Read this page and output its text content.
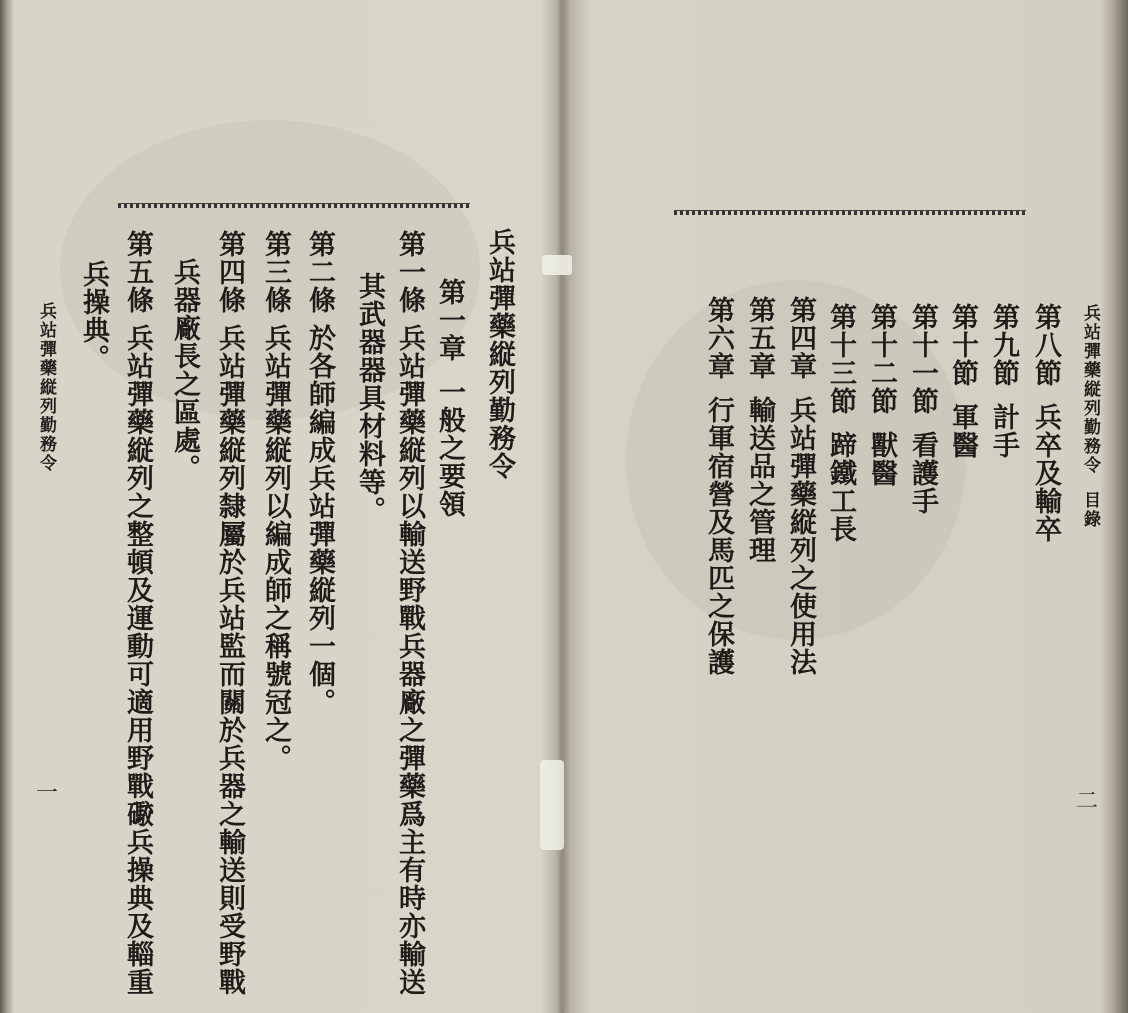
兵站彈藥縦列勤務令
第一章一般之要領
第一條兵站彈藥縦列以輸送野戰兵器廠之彈藥爲主有時亦輸送
其武器器具材料等。
第二條於各師編成兵站彈藥縦列一個。
第三條兵站彈藥縦列以編成師之稱號冠之。
第四條兵站彈藥縦列隸屬於兵站監而關於兵器之輸送則受野戰
兵器廠長之區處。
第五條兵站彈藥縦列之整頓及運動可適用野戰礮兵操典及輜重
兵操典。
兵站彈藥縦列勤務令
一
兵站彈藥縦列勤務令目錄
第八節兵卒及輸卒
第九節計手
第十節軍醫
第十一節看護手
第十二節獸醫
第十三節蹄鐵工長
第四章兵站彈藥縦列之使用法
第五章輸送品之管理
第六章行軍宿營及馬匹之保護
二
